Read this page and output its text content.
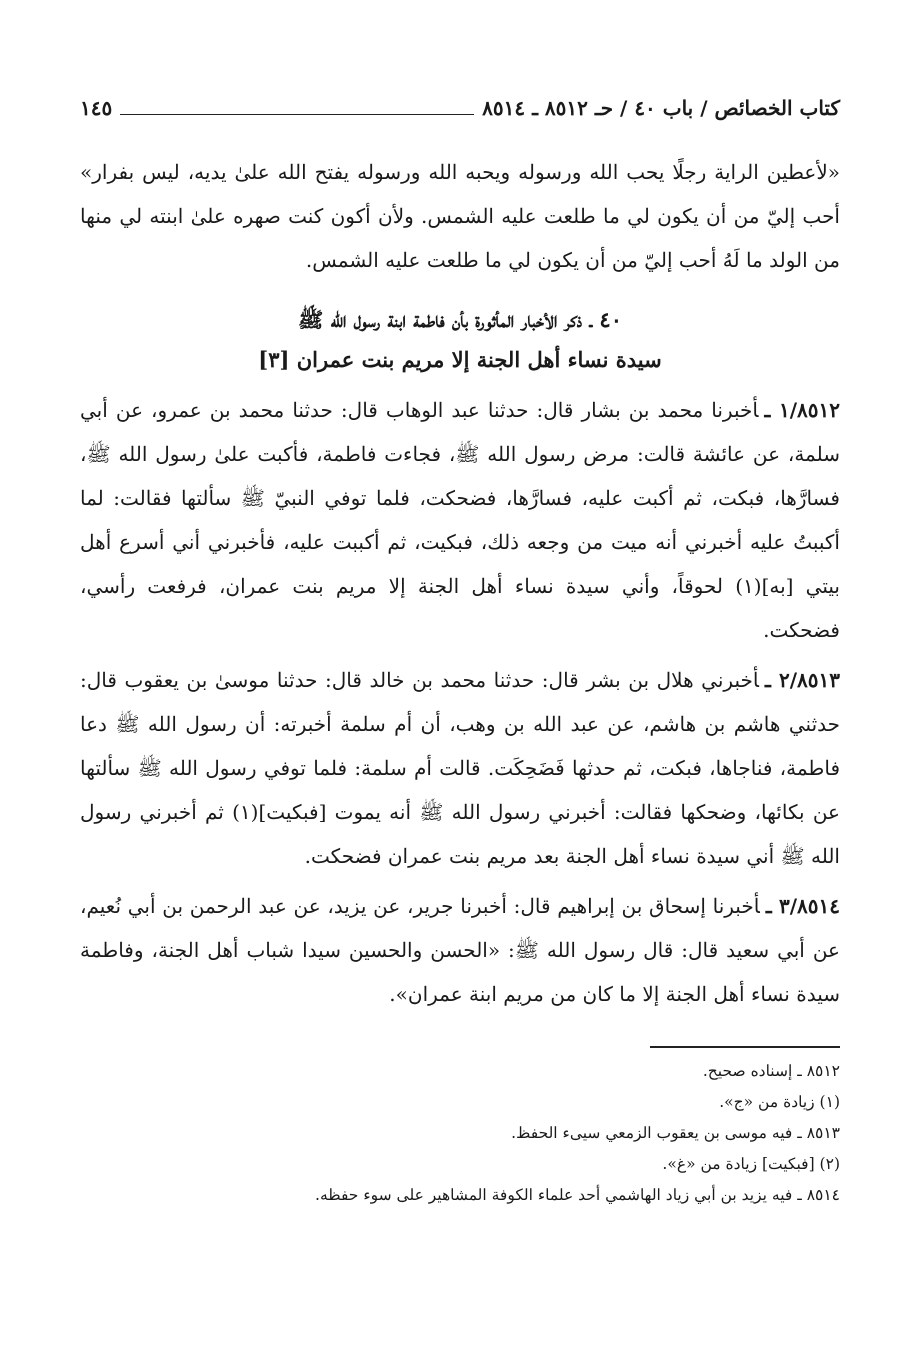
كتاب الخصائص / باب ٤٠ / حـ ٨٥١٢ ـ ٨٥١٤
١٤٥

«لأعطين الراية رجلًا يحب الله ورسوله ويحبه الله ورسوله يفتح الله علىٰ يديه، ليس بفرار» أحب إليّ من أن يكون لي ما طلعت عليه الشمس. ولأن أكون كنت صهره علىٰ ابنته لي منها من الولد ما لَهُ أحب إليّ من أن يكون لي ما طلعت عليه الشمس.

٤٠ ـ ذكر الأخبار المأثورة بأن فاطمة ابنة رسول الله ﷺ
سيدة نساء أهل الجنة إلا مريم بنت عمران [٣]

١/٨٥١٢ ـأخبرنا محمد بن بشار قال: حدثنا عبد الوهاب قال: حدثنا محمد بن عمرو، عن أبي سلمة، عن عائشة قالت: مرض رسول الله ﷺ، فجاءت فاطمة، فأكبت علىٰ رسول الله ﷺ، فسارَّها، فبكت، ثم أكبت عليه، فسارَّها، فضحكت، فلما توفي النبيّ ﷺ سألتها فقالت: لما أكببتُ عليه أخبرني أنه ميت من وجعه ذلك، فبكيت، ثم أكببت عليه، فأخبرني أني أسرع أهل بيتي [به](١) لحوقاً، وأني سيدة نساء أهل الجنة إلا مريم بنت عمران، فرفعت رأسي، فضحكت.

٢/٨٥١٣ ـأخبرني هلال بن بشر قال: حدثنا محمد بن خالد قال: حدثنا موسىٰ بن يعقوب قال: حدثني هاشم بن هاشم، عن عبد الله بن وهب، أن أم سلمة أخبرته: أن رسول الله ﷺ دعا فاطمة، فناجاها، فبكت، ثم حدثها فَضَحِكَت. قالت أم سلمة: فلما توفي رسول الله ﷺ سألتها عن بكائها، وضحكها فقالت: أخبرني رسول الله ﷺ أنه يموت [فبكيت](١) ثم أخبرني رسول الله ﷺ أني سيدة نساء أهل الجنة بعد مريم بنت عمران فضحكت.

٣/٨٥١٤ ـأخبرنا إسحاق بن إبراهيم قال: أخبرنا جرير، عن يزيد، عن عبد الرحمن بن أبي نُعيم، عن أبي سعيد قال: قال رسول الله ﷺ: «الحسن والحسين سيدا شباب أهل الجنة، وفاطمة سيدة نساء أهل الجنة إلا ما كان من مريم ابنة عمران».

٨٥١٢ ـ إسناده صحيح.
(١) زيادة من «ج».
٨٥١٣ ـ فيه موسى بن يعقوب الزمعي سيىء الحفظ.
(٢) [فبكيت] زيادة من «غ».
٨٥١٤ ـ فيه يزيد بن أبي زياد الهاشمي أحد علماء الكوفة المشاهير على سوء حفظه.
